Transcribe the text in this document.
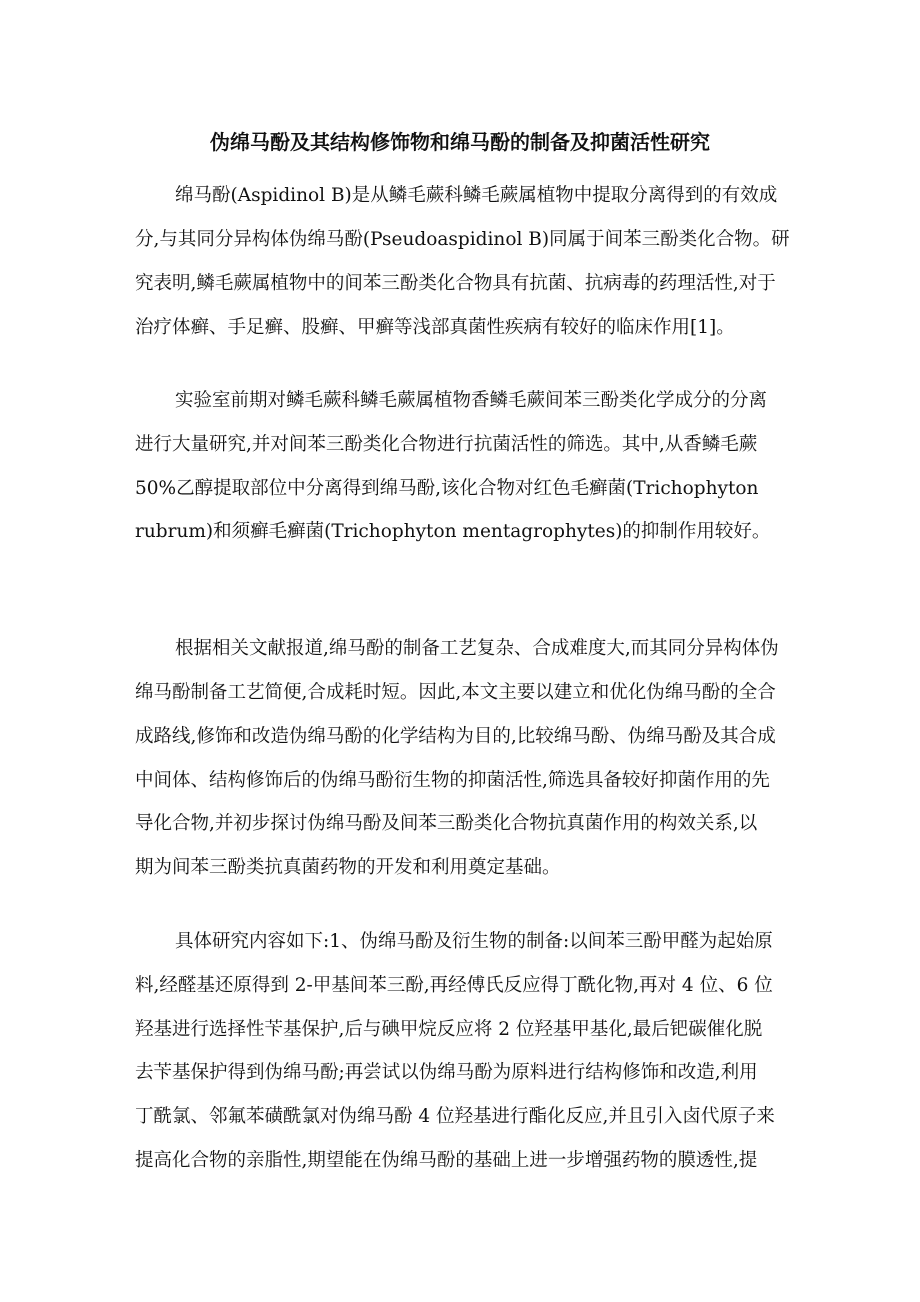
伪绵马酚及其结构修饰物和绵马酚的制备及抑菌活性研究
绵马酚(Aspidinol B)是从鳞毛蕨科鳞毛蕨属植物中提取分离得到的有效成
分,与其同分异构体伪绵马酚(Pseudoaspidinol B)同属于间苯三酚类化合物。研
究表明,鳞毛蕨属植物中的间苯三酚类化合物具有抗菌、抗病毒的药理活性,对于
治疗体癣、手足癣、股癣、甲癣等浅部真菌性疾病有较好的临床作用[1]。
实验室前期对鳞毛蕨科鳞毛蕨属植物香鳞毛蕨间苯三酚类化学成分的分离
进行大量研究,并对间苯三酚类化合物进行抗菌活性的筛选。其中,从香鳞毛蕨
50%乙醇提取部位中分离得到绵马酚,该化合物对红色毛癣菌(Trichophyton
rubrum)和须癣毛癣菌(Trichophyton mentagrophytes)的抑制作用较好。
根据相关文献报道,绵马酚的制备工艺复杂、合成难度大,而其同分异构体伪
绵马酚制备工艺简便,合成耗时短。因此,本文主要以建立和优化伪绵马酚的全合
成路线,修饰和改造伪绵马酚的化学结构为目的,比较绵马酚、伪绵马酚及其合成
中间体、结构修饰后的伪绵马酚衍生物的抑菌活性,筛选具备较好抑菌作用的先
导化合物,并初步探讨伪绵马酚及间苯三酚类化合物抗真菌作用的构效关系,以
期为间苯三酚类抗真菌药物的开发和利用奠定基础。
具体研究内容如下:1、伪绵马酚及衍生物的制备:以间苯三酚甲醛为起始原
料,经醛基还原得到 2-甲基间苯三酚,再经傅氏反应得丁酰化物,再对 4 位、6 位
羟基进行选择性苄基保护,后与碘甲烷反应将 2 位羟基甲基化,最后钯碳催化脱
去苄基保护得到伪绵马酚;再尝试以伪绵马酚为原料进行结构修饰和改造,利用
丁酰氯、邻氟苯磺酰氯对伪绵马酚 4 位羟基进行酯化反应,并且引入卤代原子来
提高化合物的亲脂性,期望能在伪绵马酚的基础上进一步增强药物的膜透性,提
